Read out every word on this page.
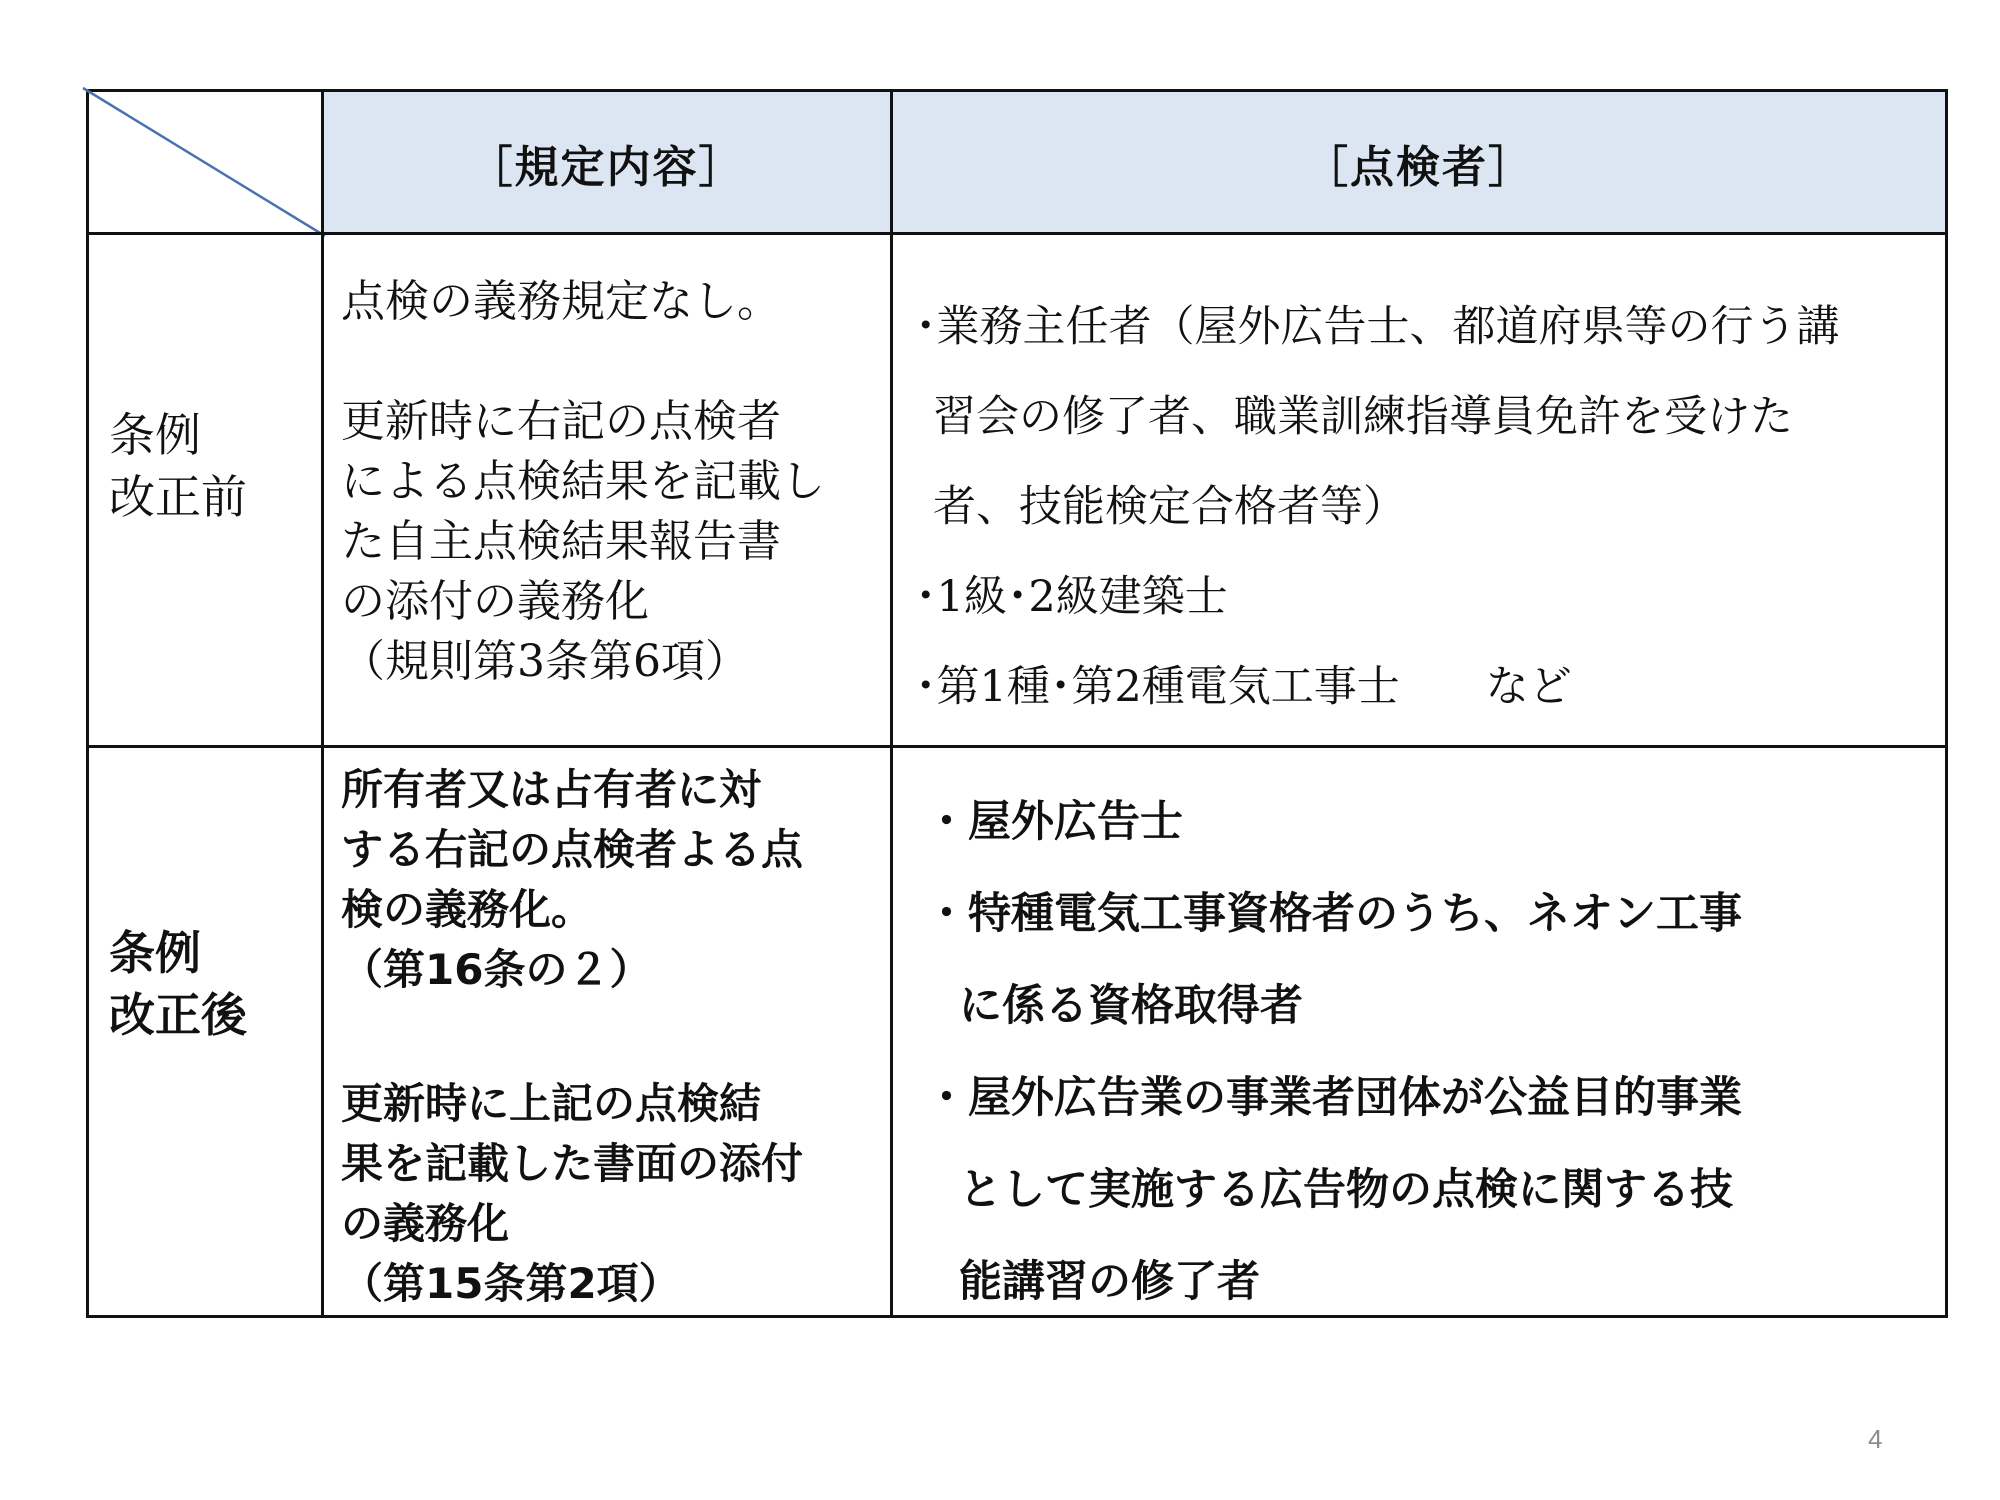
［規定内容］	［点検者］
条例
改正前
点検の義務規定なし。
更新時に右記の点検者
による点検結果を記載し
た自主点検結果報告書
の添付の義務化
（規則第3条第6項）
･業務主任者（屋外広告士、都道府県等の行う講
習会の修了者、職業訓練指導員免許を受けた
者、技能検定合格者等）
･1級･2級建築士
･第1種･第2種電気工事士　　など
条例
改正後
所有者又は占有者に対
する右記の点検者よる点
検の義務化。
（第16条の２）
更新時に上記の点検結
果を記載した書面の添付
の義務化
（第15条第2項）
・屋外広告士
・特種電気工事資格者のうち、ネオン工事
に係る資格取得者
・屋外広告業の事業者団体が公益目的事業
として実施する広告物の点検に関する技
能講習の修了者
4
